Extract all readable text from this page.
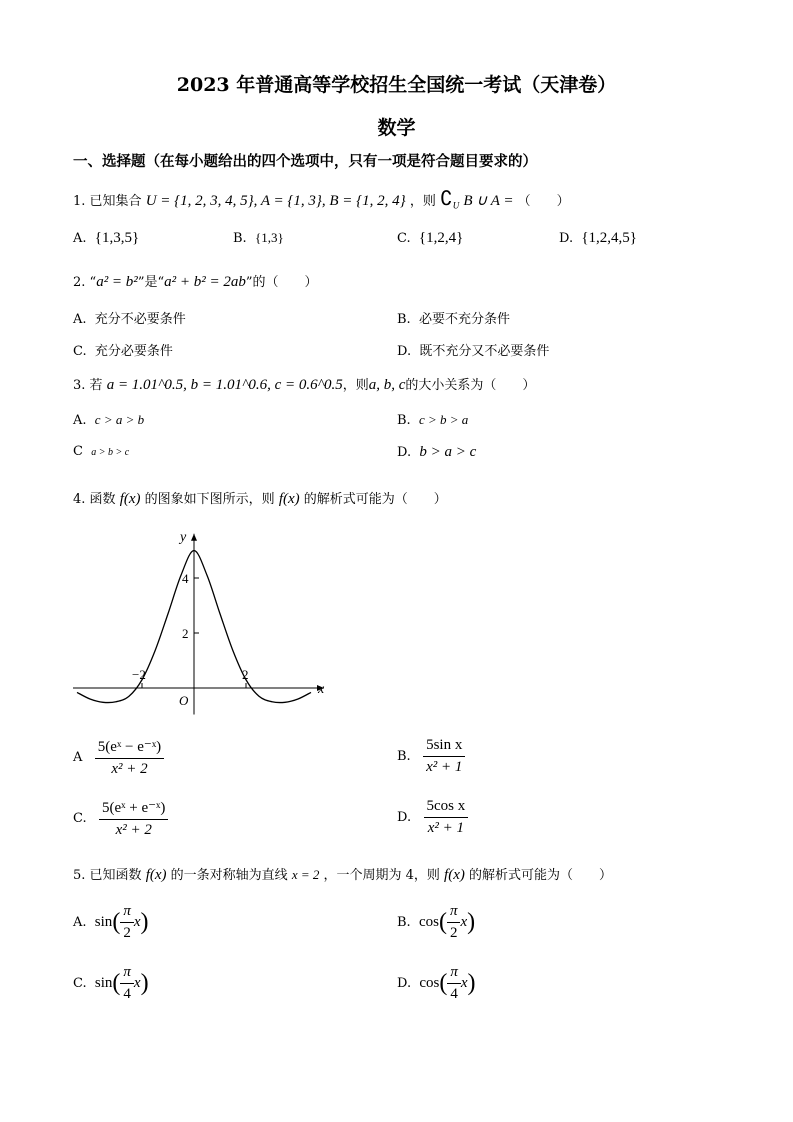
2023 年普通高等学校招生全国统一考试（天津卷）
数学
一、选择题（在每小题给出的四个选项中，只有一项是符合题目要求的）
1. 已知集合 U = {1, 2, 3, 4, 5}, A = {1, 3}, B = {1, 2, 4} ，则 $∁_U$ B ∪ A = （　　）
A. {1,3,5}	B. {1,3}	C. {1,2,4}	D. {1,2,4,5}
2. “a² = b²”是“a² + b² = 2ab”的（　　）
A. 充分不必要条件	B. 必要不充分条件
C. 充分必要条件	D. 既不充分又不必要条件
3. 若 a = 1.01^0.5, b = 1.01^0.6, c = 0.6^0.5，则a, b, c的大小关系为（　　）
A. c > a > b	B. c > b > a
C a > b > c	D. b > a > c
4. 函数 f(x) 的图象如下图所示，则 f(x) 的解析式可能为（　　）
−2	2
2
4
x
y
O
A $\frac{\text{5(eˣ − e⁻ˣ)}}{\text{x² + 2}}$	B. $\frac{\text{5sin x}}{\text{x² + 1}}$
C. $\frac{\text{5(eˣ + e⁻ˣ)}}{\text{x² + 2}}$	D. $\frac{\text{5cos x}}{\text{x² + 1}}$
5. 已知函数 f(x) 的一条对称轴为直线 x = 2 ，一个周期为 4，则 f(x) 的解析式可能为（　　）
A. $\sin( \frac{\pi}{2} x)$	B. $\cos( \frac{\pi}{2} x)$
C. $\sin( \frac{\pi}{4} x)$	D. $\cos( \frac{\pi}{4} x)$
